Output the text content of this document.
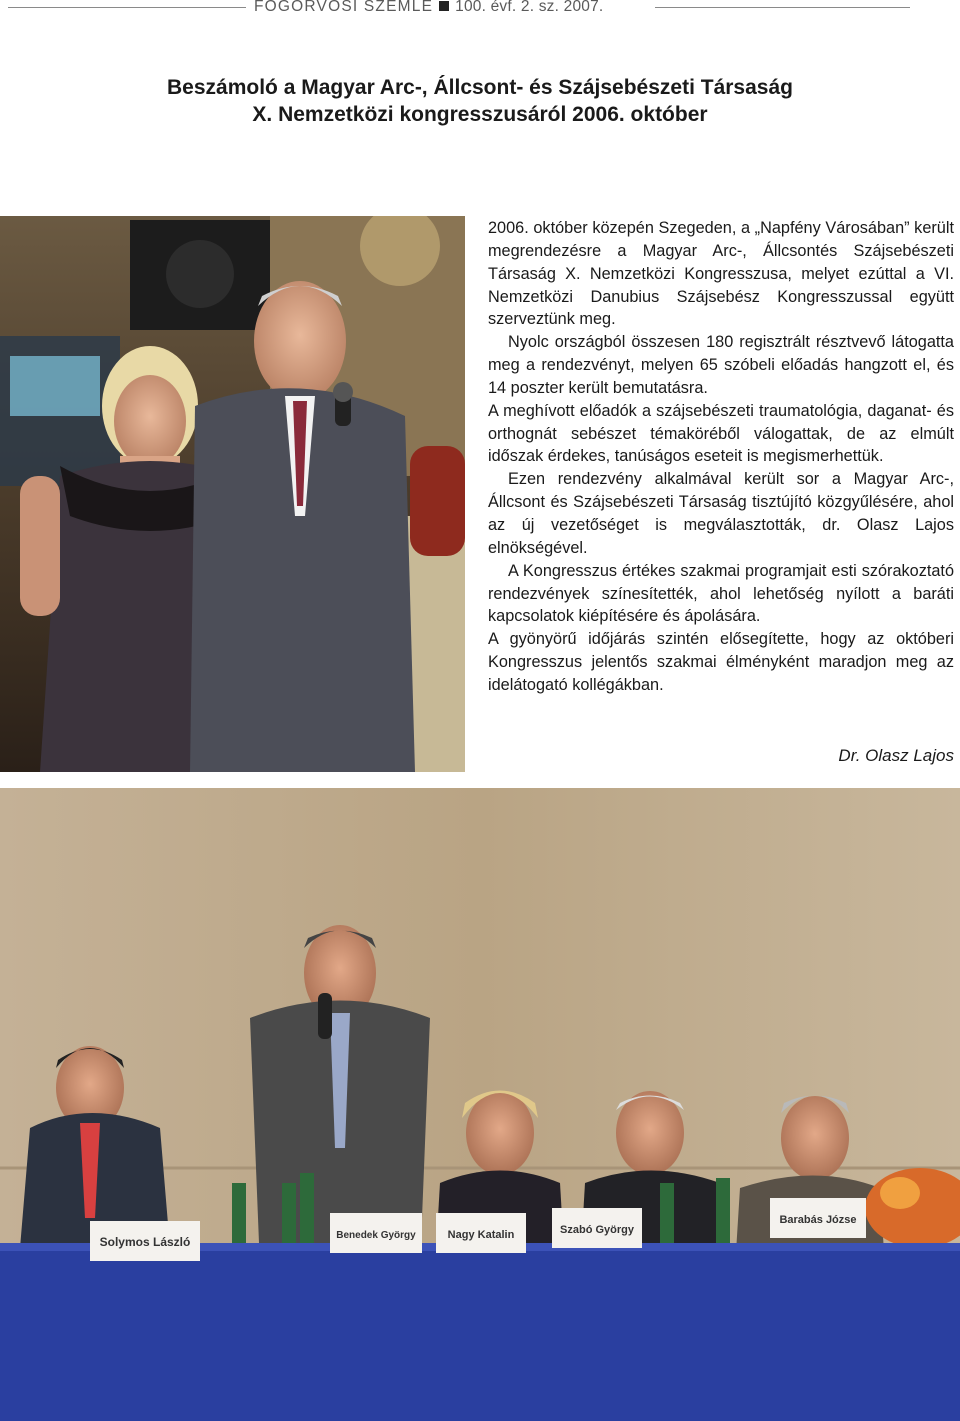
FOGORVOSI SZEMLE 100. évf. 2. sz. 2007.
Beszámoló a Magyar Arc-, Állcsont- és Szájsebészeti Társaság
X. Nemzetközi kongresszusáról 2006. október

2006. október közepén Szegeden, a „Napfény Városában” került megrendezésre a Magyar Arc-, Állcsontés Szájsebészeti Társaság X. Nemzetközi Kongresszusa, melyet ezúttal a VI. Nemzetközi Danubius Szájsebész Kongresszussal együtt szerveztünk meg.

Nyolc országból összesen 180 regisztrált résztvevő látogatta meg a rendezvényt, melyen 65 szóbeli előadás hangzott el, és 14 poszter került bemutatásra.

A meghívott előadók a szájsebészeti traumatológia, daganat- és orthognát sebészet témaköréből válogattak, de az elmúlt időszak érdekes, tanúságos eseteit is megismerhettük.

Ezen rendezvény alkalmával került sor a Magyar Arc-, Állcsont és Szájsebészeti Társaság tisztújító közgyűlésére, ahol az új vezetőséget is megválasztották, dr. Olasz Lajos elnökségével.

A Kongresszus értékes szakmai programjait esti szórakoztató rendezvények színesítették, ahol lehetőség nyílott a baráti kapcsolatok kiépítésére és ápolására.

A gyönyörű időjárás szintén elősegítette, hogy az októberi Kongresszus jelentős szakmai élményként maradjon meg az idelátogató kollégákban.

Dr. Olasz Lajos
Solymos László	Benedek György	Nagy Katalin	Szabó György
Barabás Józse
